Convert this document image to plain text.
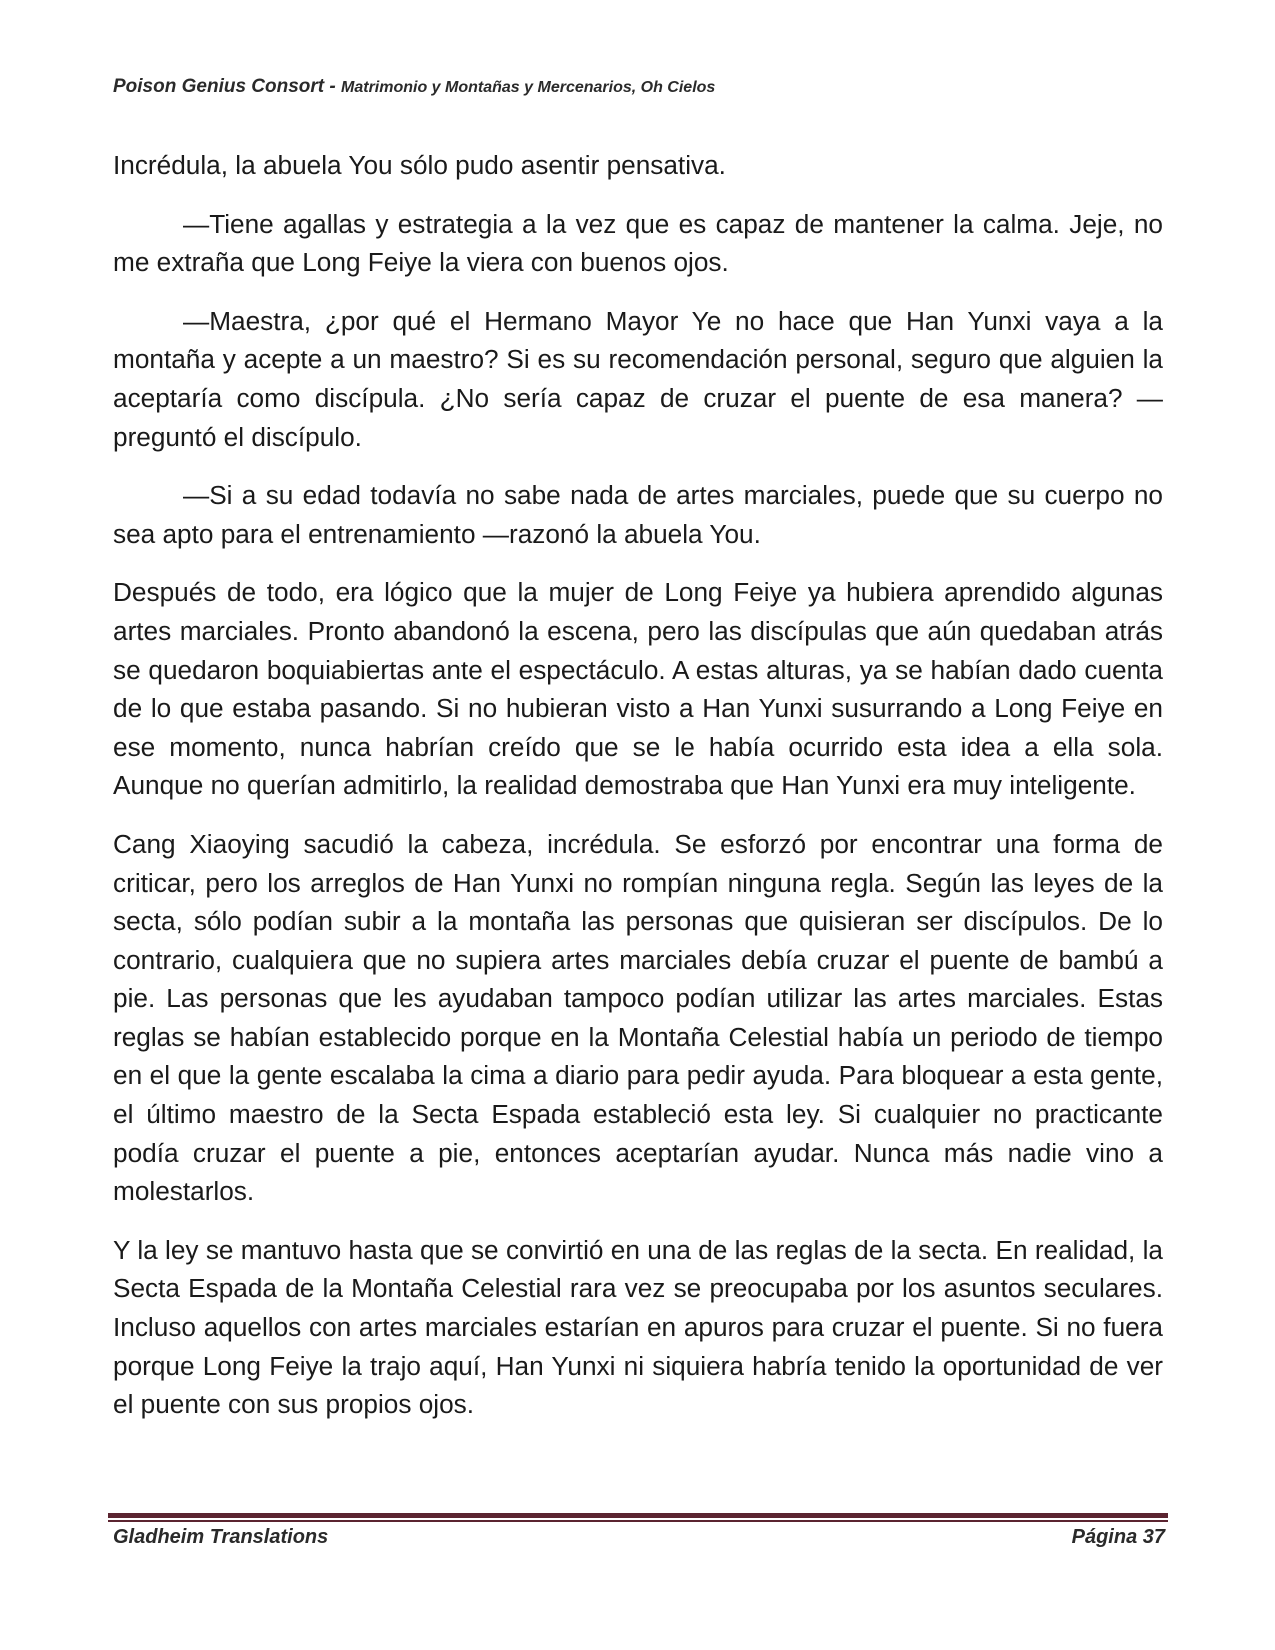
Poison Genius Consort - Matrimonio y Montañas y Mercenarios, Oh Cielos

Incrédula, la abuela You sólo pudo asentir pensativa.

—Tiene agallas y estrategia a la vez que es capaz de mantener la calma. Jeje, no me extraña que Long Feiye la viera con buenos ojos.

—Maestra, ¿por qué el Hermano Mayor Ye no hace que Han Yunxi vaya a la montaña y acepte a un maestro? Si es su recomendación personal, seguro que alguien la aceptaría como discípula. ¿No sería capaz de cruzar el puente de esa manera? —preguntó el discípulo.

—Si a su edad todavía no sabe nada de artes marciales, puede que su cuerpo no sea apto para el entrenamiento —razonó la abuela You.

Después de todo, era lógico que la mujer de Long Feiye ya hubiera aprendido algunas artes marciales. Pronto abandonó la escena, pero las discípulas que aún quedaban atrás se quedaron boquiabiertas ante el espectáculo. A estas alturas, ya se habían dado cuenta de lo que estaba pasando. Si no hubieran visto a Han Yunxi susurrando a Long Feiye en ese momento, nunca habrían creído que se le había ocurrido esta idea a ella sola. Aunque no querían admitirlo, la realidad demostraba que Han Yunxi era muy inteligente.

Cang Xiaoying sacudió la cabeza, incrédula. Se esforzó por encontrar una forma de criticar, pero los arreglos de Han Yunxi no rompían ninguna regla. Según las leyes de la secta, sólo podían subir a la montaña las personas que quisieran ser discípulos. De lo contrario, cualquiera que no supiera artes marciales debía cruzar el puente de bambú a pie. Las personas que les ayudaban tampoco podían utilizar las artes marciales. Estas reglas se habían establecido porque en la Montaña Celestial había un periodo de tiempo en el que la gente escalaba la cima a diario para pedir ayuda. Para bloquear a esta gente, el último maestro de la Secta Espada estableció esta ley. Si cualquier no practicante podía cruzar el puente a pie, entonces aceptarían ayudar. Nunca más nadie vino a molestarlos.

Y la ley se mantuvo hasta que se convirtió en una de las reglas de la secta. En realidad, la Secta Espada de la Montaña Celestial rara vez se preocupaba por los asuntos seculares. Incluso aquellos con artes marciales estarían en apuros para cruzar el puente. Si no fuera porque Long Feiye la trajo aquí, Han Yunxi ni siquiera habría tenido la oportunidad de ver el puente con sus propios ojos.

Gladheim Translations	Página 37
